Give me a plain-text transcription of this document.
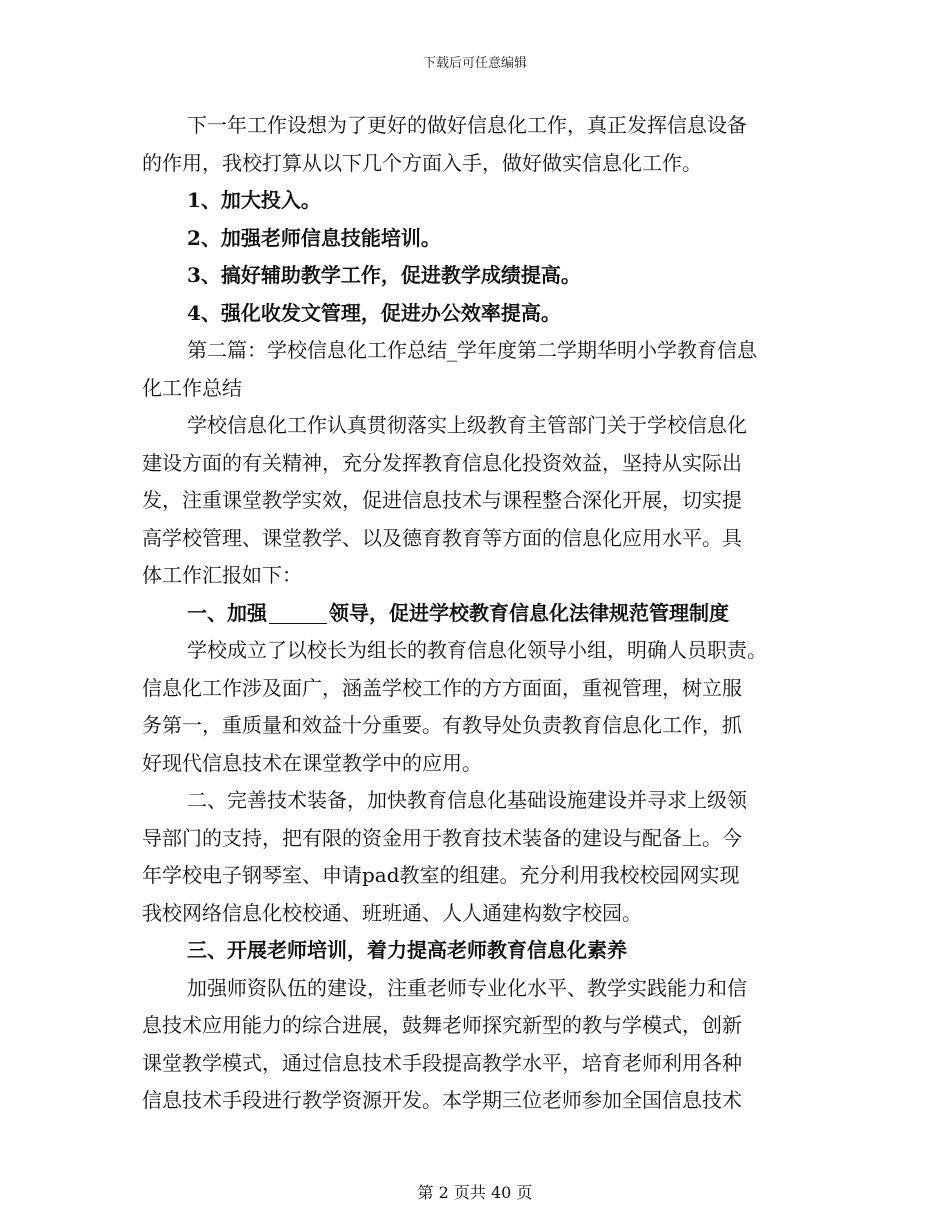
下载后可任意编辑

下一年工作设想为了更好的做好信息化工作，真正发挥信息设备
的作用，我校打算从以下几个方面入手，做好做实信息化工作。

1、加大投入。

2、加强老师信息技能培训。

3、搞好辅助教学工作，促进教学成绩提高。

4、强化收发文管理，促进办公效率提高。

第二篇：学校信息化工作总结_学年度第二学期华明小学教育信息
化工作总结

学校信息化工作认真贯彻落实上级教育主管部门关于学校信息化
建设方面的有关精神，充分发挥教育信息化投资效益，坚持从实际出
发，注重课堂教学实效，促进信息技术与课程整合深化开展，切实提
高学校管理、课堂教学、以及德育教育等方面的信息化应用水平。具
体工作汇报如下：

一、加强	领导，促进学校教育信息化法律规范管理制度

学校成立了以校长为组长的教育信息化领导小组，明确人员职责。
信息化工作涉及面广，涵盖学校工作的方方面面，重视管理，树立服
务第一，重质量和效益十分重要。有教导处负责教育信息化工作，抓
好现代信息技术在课堂教学中的应用。

二、完善技术装备，加快教育信息化基础设施建设并寻求上级领
导部门的支持，把有限的资金用于教育技术装备的建设与配备上。今
年学校电子钢琴室、申请pad教室的组建。充分利用我校校园网实现
我校网络信息化校校通、班班通、人人通建构数字校园。

三、开展老师培训，着力提高老师教育信息化素养

加强师资队伍的建设，注重老师专业化水平、教学实践能力和信
息技术应用能力的综合进展，鼓舞老师探究新型的教与学模式，创新
课堂教学模式，通过信息技术手段提高教学水平，培育老师利用各种
信息技术手段进行教学资源开发。本学期三位老师参加全国信息技术

第 2 页共 40 页
